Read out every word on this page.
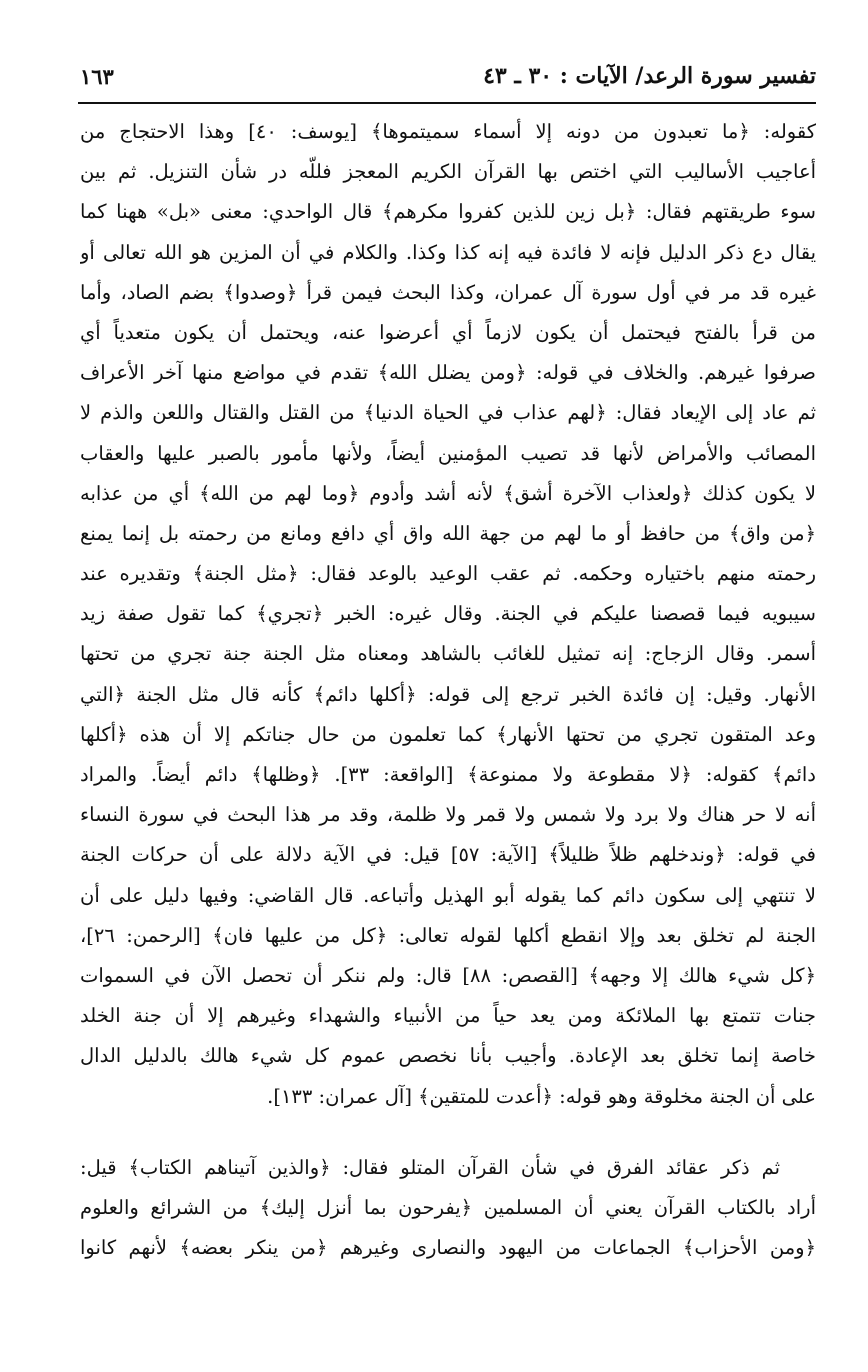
تفسير سورة الرعد/ الآيات : ٣٠ ـ ٤٣
١٦٣
كقوله: ﴿ما تعبدون من دونه إلا أسماء سميتموها﴾ [يوسف: ٤٠] وهذا الاحتجاج من
أعاجيب الأساليب التي اختص بها القرآن الكريم المعجز فللّه در شأن التنزيل. ثم بين
سوء طريقتهم فقال: ﴿بل زين للذين كفروا مكرهم﴾ قال الواحدي: معنى «بل» ههنا كما
يقال دع ذكر الدليل فإنه لا فائدة فيه إنه كذا وكذا. والكلام في أن المزين هو الله تعالى أو
غيره قد مر في أول سورة آل عمران، وكذا البحث فيمن قرأ ﴿وصدوا﴾ بضم الصاد، وأما
من قرأ بالفتح فيحتمل أن يكون لازماً أي أعرضوا عنه، ويحتمل أن يكون متعدياً أي
صرفوا غيرهم. والخلاف في قوله: ﴿ومن يضلل الله﴾ تقدم في مواضع منها آخر الأعراف
ثم عاد إلى الإيعاد فقال: ﴿لهم عذاب في الحياة الدنيا﴾ من القتل والقتال واللعن والذم لا
المصائب والأمراض لأنها قد تصيب المؤمنين أيضاً، ولأنها مأمور بالصبر عليها والعقاب
لا يكون كذلك ﴿ولعذاب الآخرة أشق﴾ لأنه أشد وأدوم ﴿وما لهم من الله﴾ أي من عذابه
﴿من واق﴾ من حافظ أو ما لهم من جهة الله واق أي دافع ومانع من رحمته بل إنما يمنع
رحمته منهم باختياره وحكمه. ثم عقب الوعيد بالوعد فقال: ﴿مثل الجنة﴾ وتقديره عند
سيبويه فيما قصصنا عليكم في الجنة. وقال غيره: الخبر ﴿تجري﴾ كما تقول صفة زيد
أسمر. وقال الزجاج: إنه تمثيل للغائب بالشاهد ومعناه مثل الجنة جنة تجري من تحتها
الأنهار. وقيل: إن فائدة الخبر ترجع إلى قوله: ﴿أكلها دائم﴾ كأنه قال مثل الجنة ﴿التي
وعد المتقون تجري من تحتها الأنهار﴾ كما تعلمون من حال جناتكم إلا أن هذه ﴿أكلها
دائم﴾ كقوله: ﴿لا مقطوعة ولا ممنوعة﴾ [الواقعة: ٣٣]. ﴿وظلها﴾ دائم أيضاً. والمراد
أنه لا حر هناك ولا برد ولا شمس ولا قمر ولا ظلمة، وقد مر هذا البحث في سورة النساء
في قوله: ﴿وندخلهم ظلاً ظليلاً﴾ [الآية: ٥٧] قيل: في الآية دلالة على أن حركات الجنة
لا تنتهي إلى سكون دائم كما يقوله أبو الهذيل وأتباعه. قال القاضي: وفيها دليل على أن
الجنة لم تخلق بعد وإلا انقطع أكلها لقوله تعالى: ﴿كل من عليها فان﴾ [الرحمن: ٢٦]،
﴿كل شيء هالك إلا وجهه﴾ [القصص: ٨٨] قال: ولم ننكر أن تحصل الآن في السموات
جنات تتمتع بها الملائكة ومن يعد حياً من الأنبياء والشهداء وغيرهم إلا أن جنة الخلد
خاصة إنما تخلق بعد الإعادة. وأجيب بأنا نخصص عموم كل شيء هالك بالدليل الدال
على أن الجنة مخلوقة وهو قوله: ﴿أعدت للمتقين﴾ [آل عمران: ١٣٣].
ثم ذكر عقائد الفرق في شأن القرآن المتلو فقال: ﴿والذين آتيناهم الكتاب﴾ قيل:
أراد بالكتاب القرآن يعني أن المسلمين ﴿يفرحون بما أنزل إليك﴾ من الشرائع والعلوم
﴿ومن الأحزاب﴾ الجماعات من اليهود والنصارى وغيرهم ﴿من ينكر بعضه﴾ لأنهم كانوا
